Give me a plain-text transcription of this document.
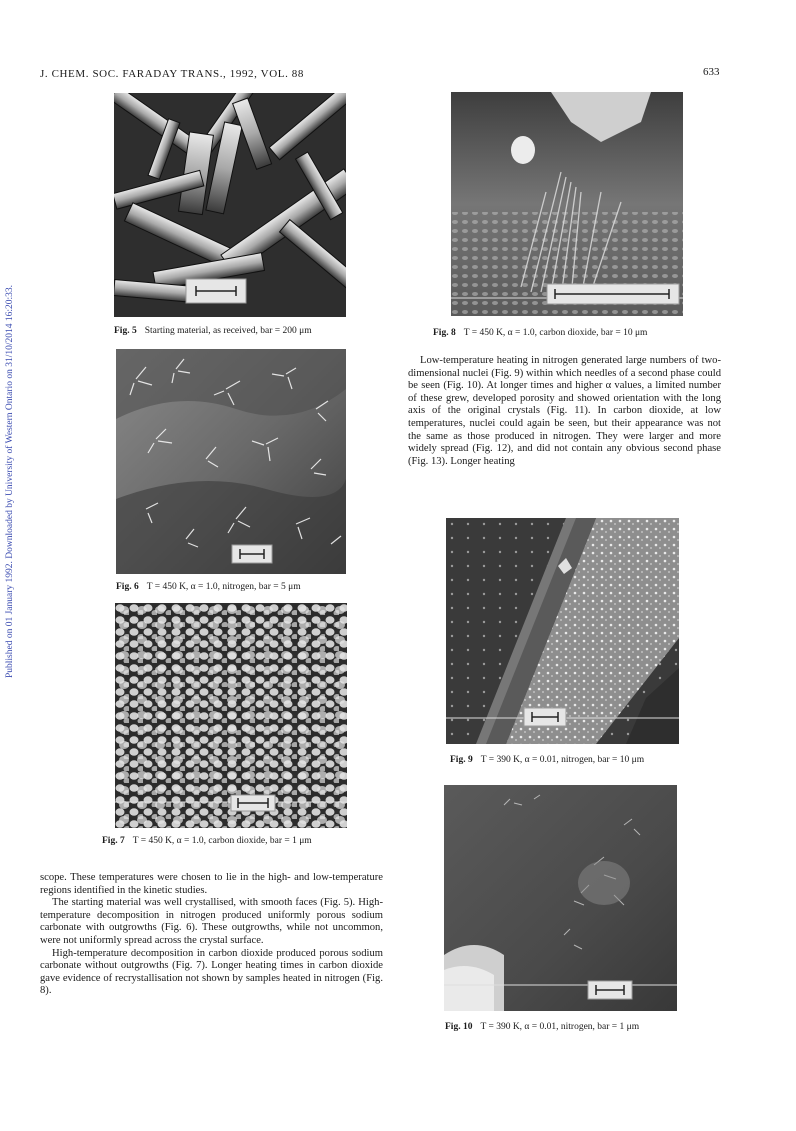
J. CHEM. SOC. FARADAY TRANS., 1992, VOL. 88	633
Published on 01 January 1992. Downloaded by University of Western Ontario on 31/10/2014 16:20:33.	Fig. 5 Starting material, as received, bar = 200 μm
Fig. 6 T = 450 K, α = 1.0, nitrogen, bar = 5 μm
Fig. 7 T = 450 K, α = 1.0, carbon dioxide, bar = 1 μm

scope. These temperatures were chosen to lie in the high- and low-temperature regions identified in the kinetic studies.

The starting material was well crystallised, with smooth faces (Fig. 5). High-temperature decomposition in nitrogen produced uniformly porous sodium carbonate with outgrowths (Fig. 6). These outgrowths, while not uncommon, were not uniformly spread across the crystal surface.

High-temperature decomposition in carbon dioxide produced porous sodium carbonate without outgrowths (Fig. 7). Longer heating times in carbon dioxide gave evidence of recrystallisation not shown by samples heated in nitrogen (Fig. 8).

Fig. 8 T = 450 K, α = 1.0, carbon dioxide, bar = 10 μm

Low-temperature heating in nitrogen generated large numbers of two-dimensional nuclei (Fig. 9) within which needles of a second phase could be seen (Fig. 10). At longer times and higher α values, a limited number of these grew, developed porosity and showed orientation with the long axis of the original crystals (Fig. 11). In carbon dioxide, at low temperatures, nuclei could again be seen, but their appearance was not the same as those produced in nitrogen. They were larger and more widely spread (Fig. 12), and did not contain any obvious second phase (Fig. 13). Longer heating

Fig. 9 T = 390 K, α = 0.01, nitrogen, bar = 10 μm
Fig. 10 T = 390 K, α = 0.01, nitrogen, bar = 1 μm
